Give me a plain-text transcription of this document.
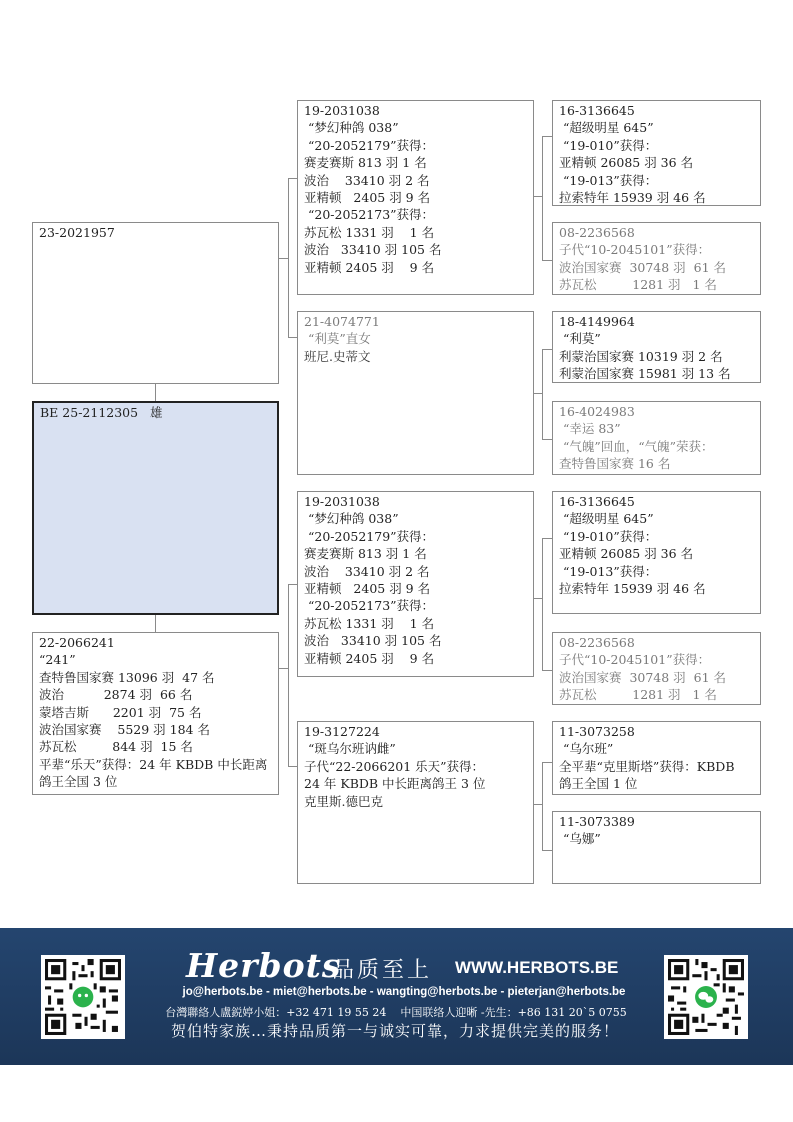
23-2021957
BE 25-2112305 雄
22-2066241
“241”
查特鲁国家赛 13096 羽  47 名
波治          2874 羽  66 名
蒙塔吉斯      2201 羽  75 名
波治国家赛    5529 羽 184 名
苏瓦松         844 羽  15 名
平辈“乐天”获得：24 年 KBDB 中长距离鸽王全国 3 位
19-2031038
“梦幻种鸽 038”
“20-2052179”获得：
赛麦赛斯 813 羽 1 名
波治    33410 羽 2 名
亚精顿   2405 羽 9 名
“20-2052173”获得：
苏瓦松 1331 羽    1 名
波治   33410 羽 105 名
亚精顿 2405 羽    9 名
21-4074771
“利莫”直女
班尼.史蒂文
19-2031038
“梦幻种鸽 038”
“20-2052179”获得：
赛麦赛斯 813 羽 1 名
波治    33410 羽 2 名
亚精顿   2405 羽 9 名
“20-2052173”获得：
苏瓦松 1331 羽    1 名
波治   33410 羽 105 名
亚精顿 2405 羽    9 名
19-3127224
“斑乌尔班讷雌”
子代“22-2066201 乐天”获得：
24 年 KBDB 中长距离鸽王 3 位
克里斯.德巴克
16-3136645
“超级明星 645”
“19-010”获得：
亚精顿 26085 羽 36 名
“19-013”获得：
拉索特年 15939 羽 46 名
08-2236568
子代“10-2045101”获得：
波治国家赛  30748 羽  61 名
苏瓦松         1281 羽   1 名
18-4149964
“利莫”
利蒙治国家赛 10319 羽 2 名
利蒙治国家赛 15981 羽 13 名
16-4024983
“幸运 83”
“气魄”回血，“气魄”荣获：
查特鲁国家赛 16 名
16-3136645
“超级明星 645”
“19-010”获得：
亚精顿 26085 羽 36 名
“19-013”获得：
拉索特年 15939 羽 46 名
08-2236568
子代“10-2045101”获得：
波治国家赛  30748 羽  61 名
苏瓦松         1281 羽   1 名
11-3073258
“乌尔班”
全平辈“克里斯塔”获得：KBDB
鸽王全国 1 位
11-3073389
“乌娜”
Herbots
品质至上 WWW.HERBOTS.BE
jo@herbots.be - miet@herbots.be - wangting@herbots.be - pieterjan@herbots.be
台灣聯絡人盧鋭婷小姐：+32 471 19 55 24    中国联络人迎晰 -先生：+86 131 20`5 0755
贺伯特家族…秉持品质第一与诚实可靠，力求提供完美的服务！
